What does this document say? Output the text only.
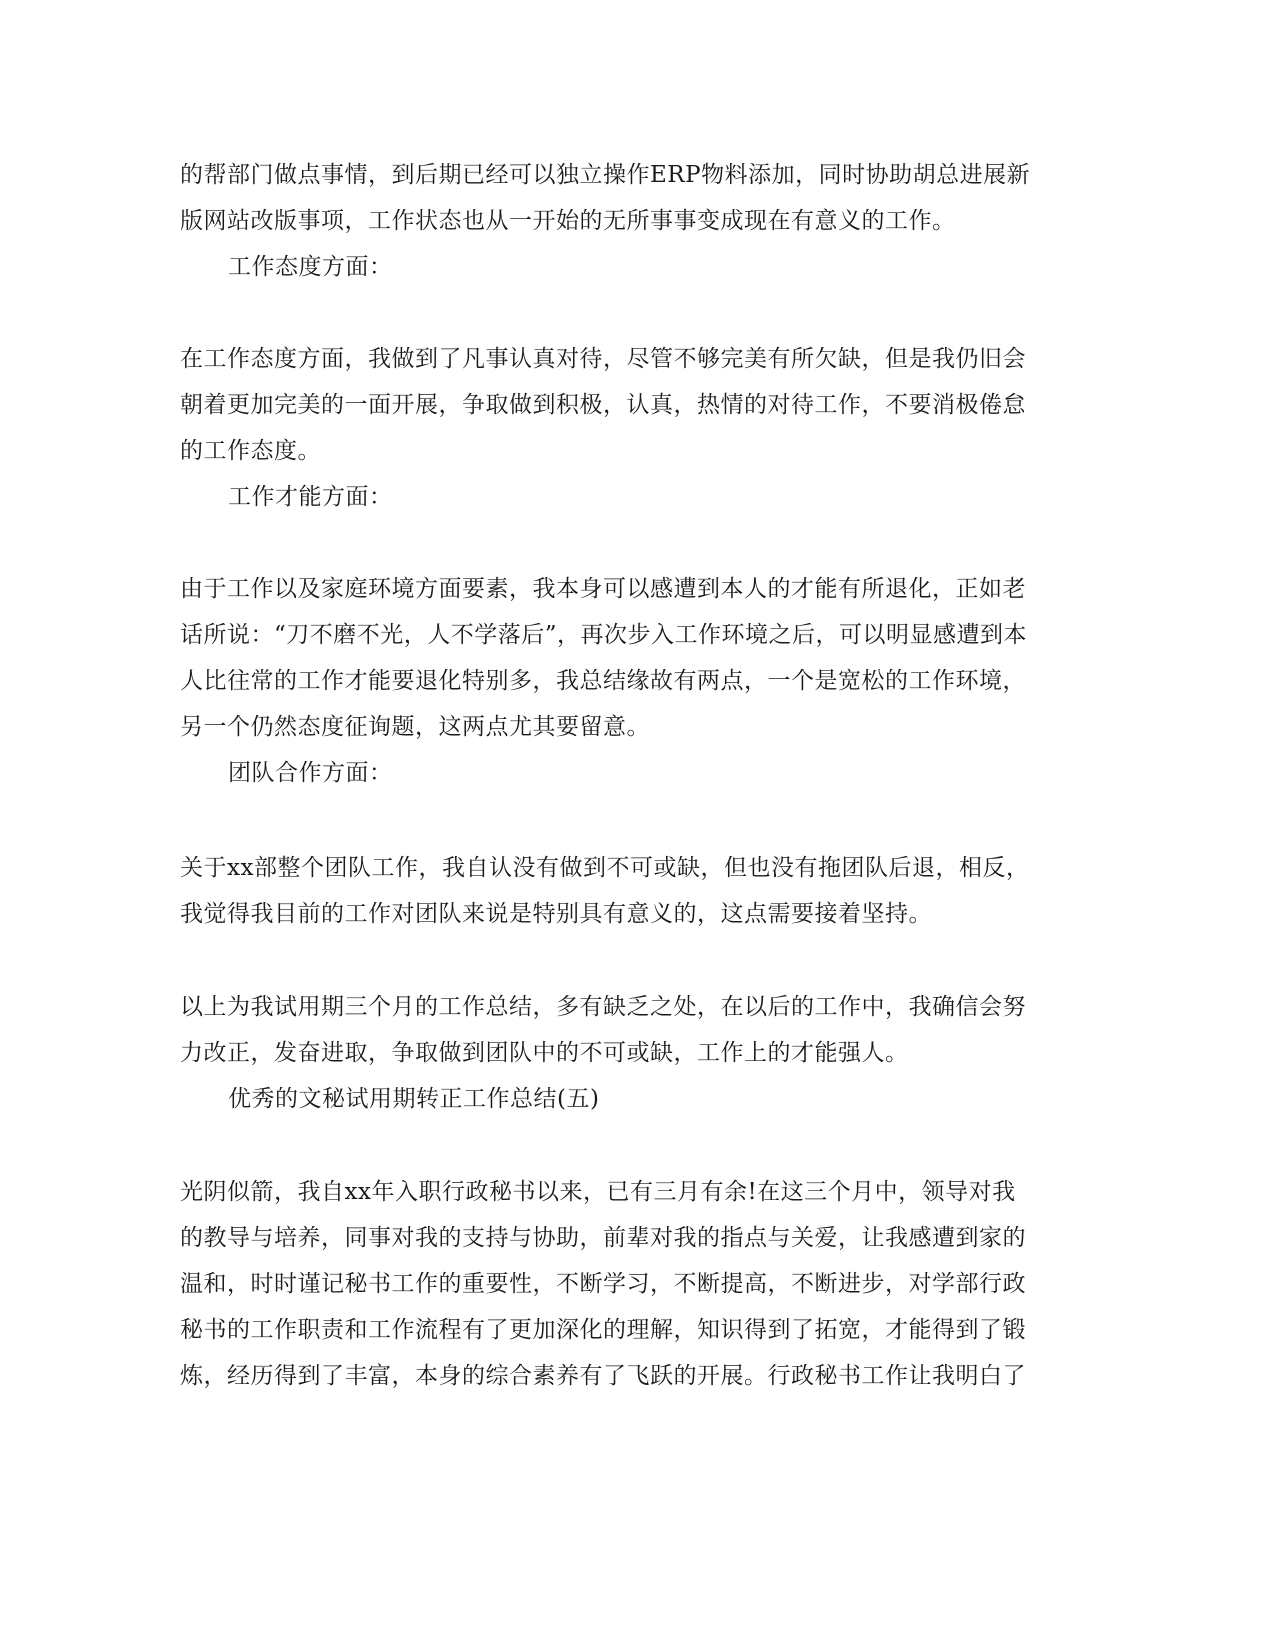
的帮部门做点事情，到后期已经可以独立操作ERP物料添加，同时协助胡总进展新
版网站改版事项，工作状态也从一开始的无所事事变成现在有意义的工作。
工作态度方面：
在工作态度方面，我做到了凡事认真对待，尽管不够完美有所欠缺，但是我仍旧会
朝着更加完美的一面开展，争取做到积极，认真，热情的对待工作，不要消极倦怠
的工作态度。
工作才能方面：
由于工作以及家庭环境方面要素，我本身可以感遭到本人的才能有所退化，正如老
话所说：“刀不磨不光，人不学落后”，再次步入工作环境之后，可以明显感遭到本
人比往常的工作才能要退化特别多，我总结缘故有两点，一个是宽松的工作环境，
另一个仍然态度征询题，这两点尤其要留意。
团队合作方面：
关于xx部整个团队工作，我自认没有做到不可或缺，但也没有拖团队后退，相反，
我觉得我目前的工作对团队来说是特别具有意义的，这点需要接着坚持。
以上为我试用期三个月的工作总结，多有缺乏之处，在以后的工作中，我确信会努
力改正，发奋进取，争取做到团队中的不可或缺，工作上的才能强人。
优秀的文秘试用期转正工作总结(五)
光阴似箭，我自xx年入职行政秘书以来，已有三月有余!在这三个月中，领导对我
的教导与培养，同事对我的支持与协助，前辈对我的指点与关爱，让我感遭到家的
温和，时时谨记秘书工作的重要性，不断学习，不断提高，不断进步，对学部行政
秘书的工作职责和工作流程有了更加深化的理解，知识得到了拓宽，才能得到了锻
炼，经历得到了丰富，本身的综合素养有了飞跃的开展。行政秘书工作让我明白了
